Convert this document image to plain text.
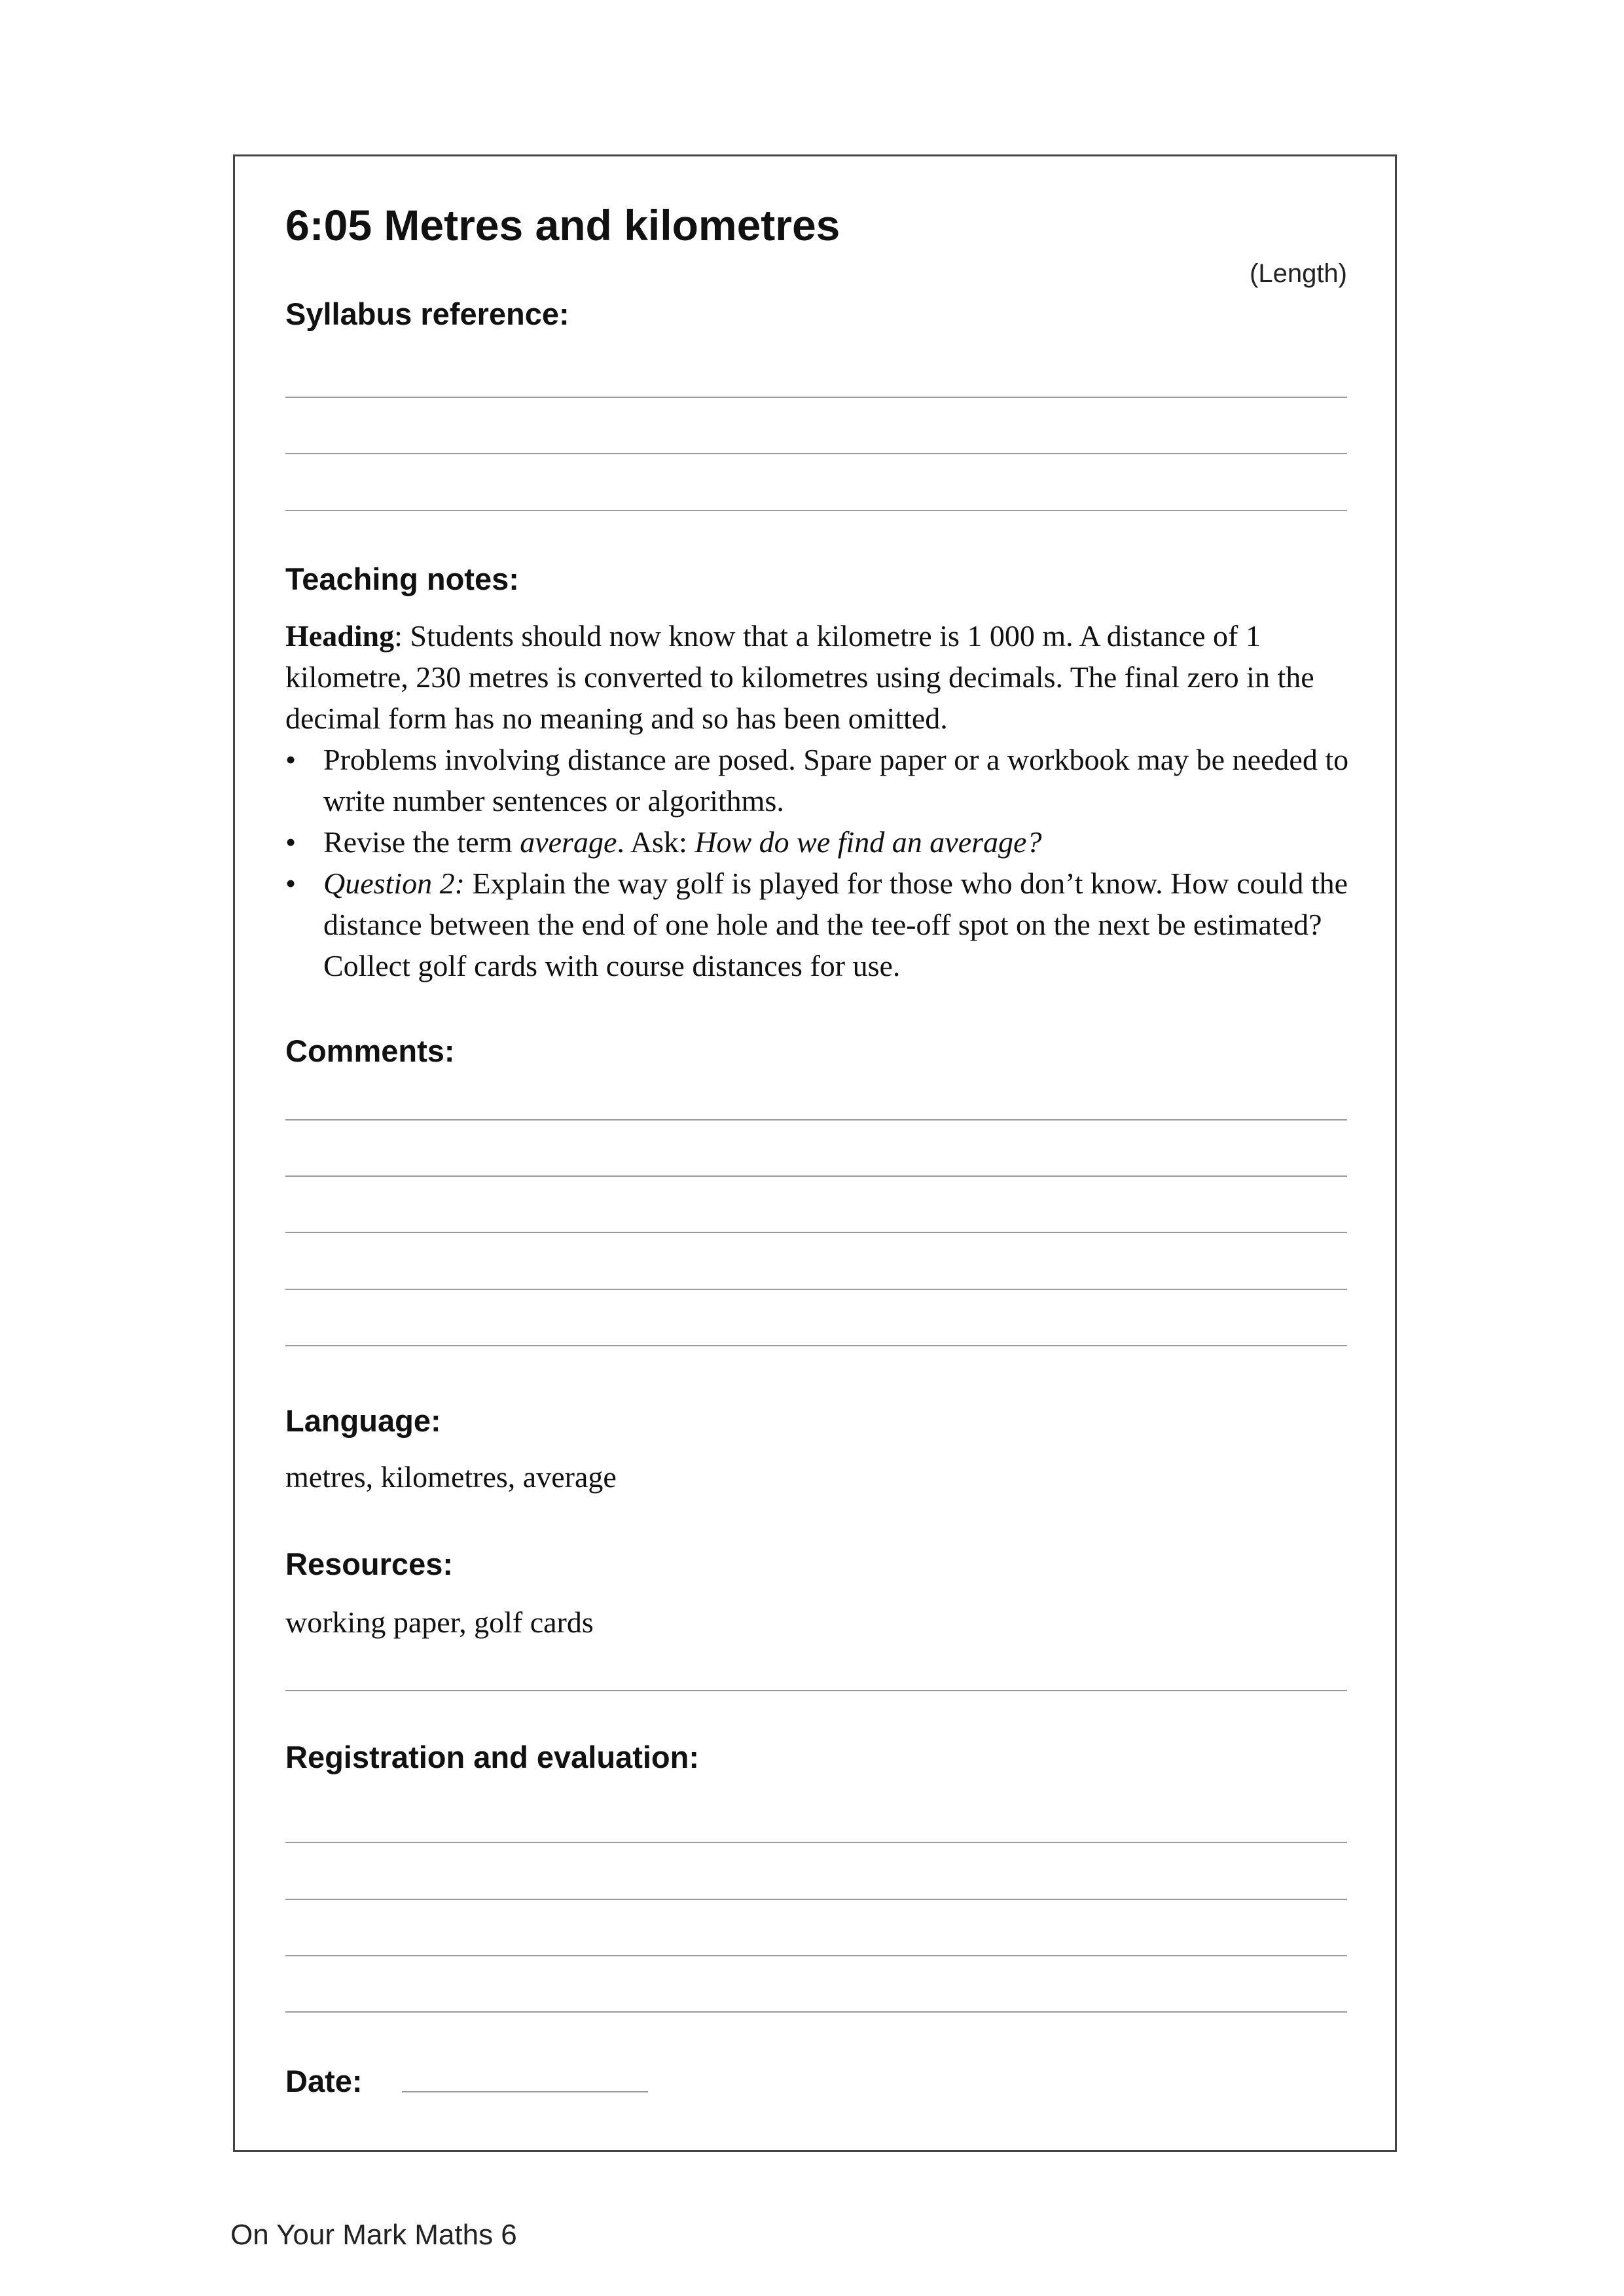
6:05 Metres and kilometres
(Length)
Syllabus reference:
Teaching notes:

Heading: Students should now know that a kilometre is 1 000 m. A distance of 1 kilometre, 230 metres is converted to kilometres using decimals. The final zero in the decimal form has no meaning and so has been omitted.

• Problems involving distance are posed. Spare paper or a workbook may be needed to write number sentences or algorithms.
• Revise the term average. Ask: How do we find an average?
• Question 2: Explain the way golf is played for those who don’t know. How could the distance between the end of one hole and the tee-off spot on the next be estimated? Collect golf cards with course distances for use.
Comments:
Language:
metres, kilometres, average
Resources:
working paper, golf cards
Registration and evaluation:
Date:
On Your Mark Maths 6
